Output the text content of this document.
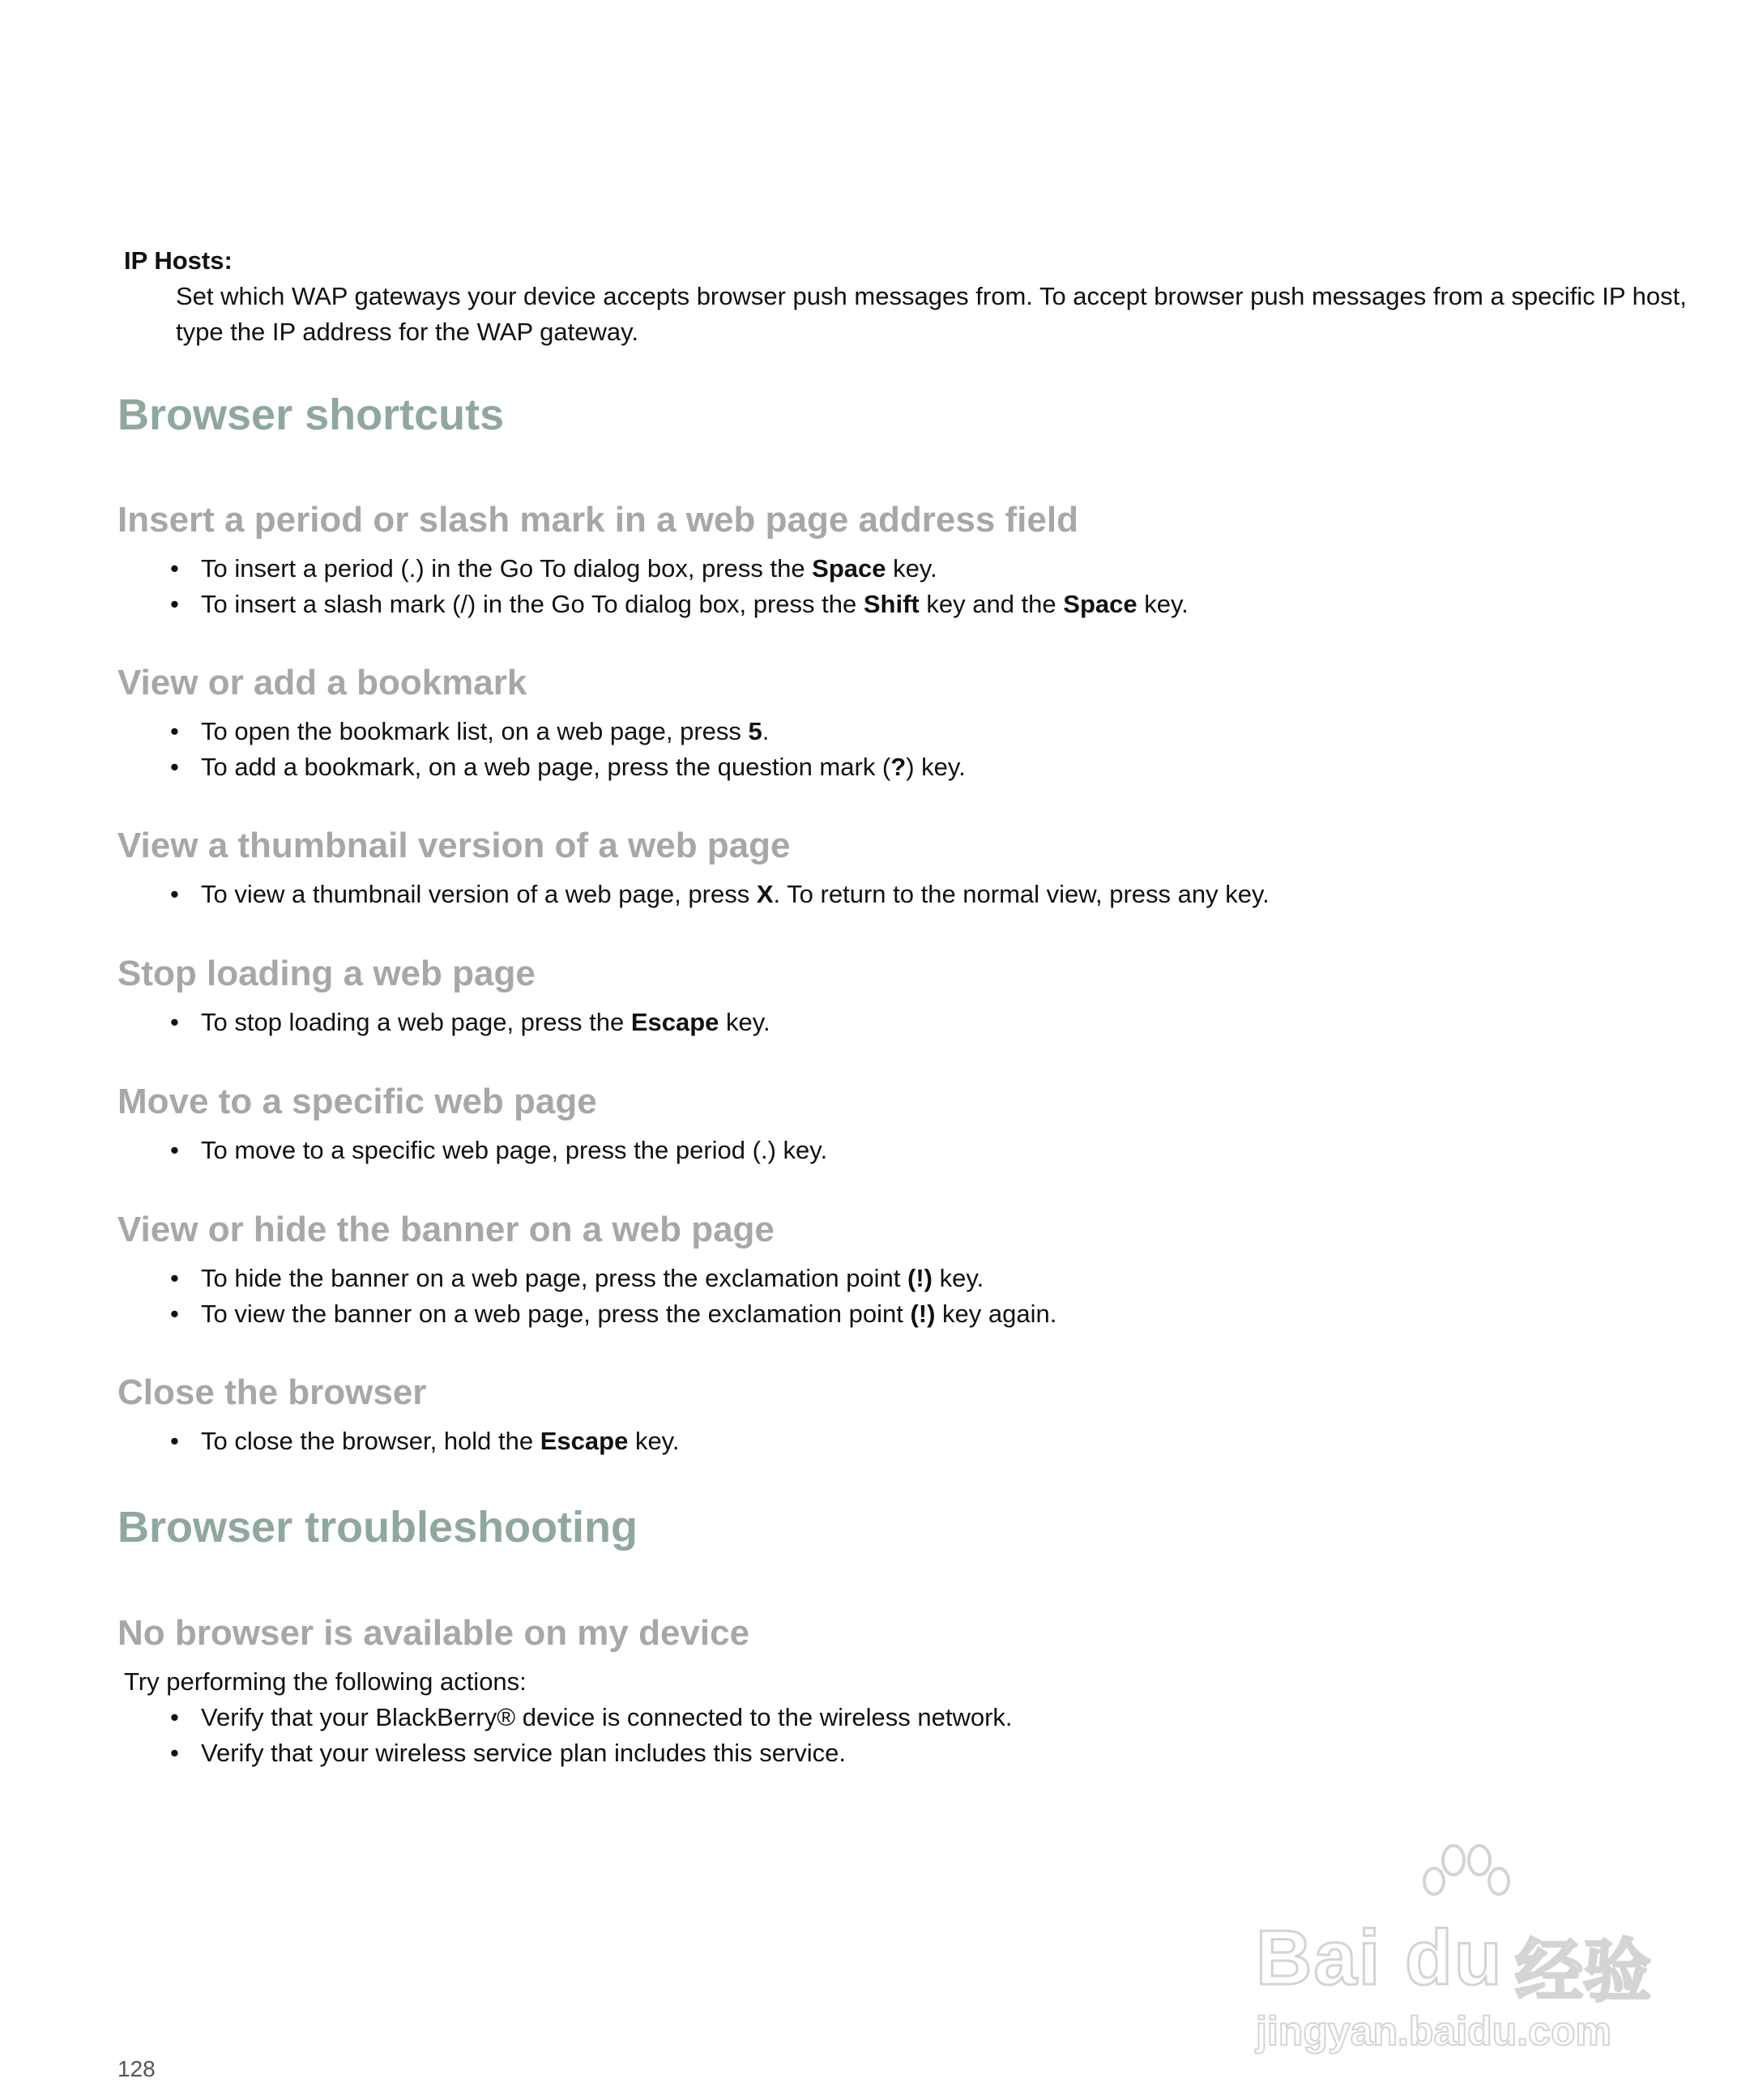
IP Hosts:
Set which WAP gateways your device accepts browser push messages from. To accept browser push messages from a specific IP host, type the IP address for the WAP gateway.
Browser shortcuts
Insert a period or slash mark in a web page address field
• To insert a period (.) in the Go To dialog box, press the Space key.
• To insert a slash mark (/) in the Go To dialog box, press the Shift key and the Space key.
View or add a bookmark
• To open the bookmark list, on a web page, press 5.
• To add a bookmark, on a web page, press the question mark (?) key.
View a thumbnail version of a web page
• To view a thumbnail version of a web page, press X. To return to the normal view, press any key.
Stop loading a web page
• To stop loading a web page, press the Escape key.
Move to a specific web page
• To move to a specific web page, press the period (.) key.
View or hide the banner on a web page
• To hide the banner on a web page, press the exclamation point (!) key.
• To view the banner on a web page, press the exclamation point (!) key again.
Close the browser
• To close the browser, hold the Escape key.
Browser troubleshooting
No browser is available on my device
Try performing the following actions:
• Verify that your BlackBerry® device is connected to the wireless network.
• Verify that your wireless service plan includes this service.
Bai du 经验
jingyan.baidu.com
128
